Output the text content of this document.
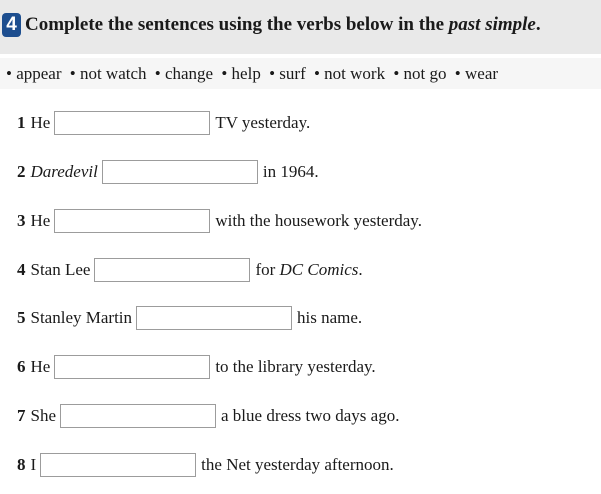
4 Complete the sentences using the verbs below in the past simple.
• appear • not watch • change • help • surf • not work • not go • wear
1 He	TV yesterday.
2 Daredevil	in 1964.
3 He	with the housework yesterday.
4 Stan Lee	for DC Comics.
5 Stanley Martin	his name.
6 He	to the library yesterday.
7 She	a blue dress two days ago.
8 I	the Net yesterday afternoon.
